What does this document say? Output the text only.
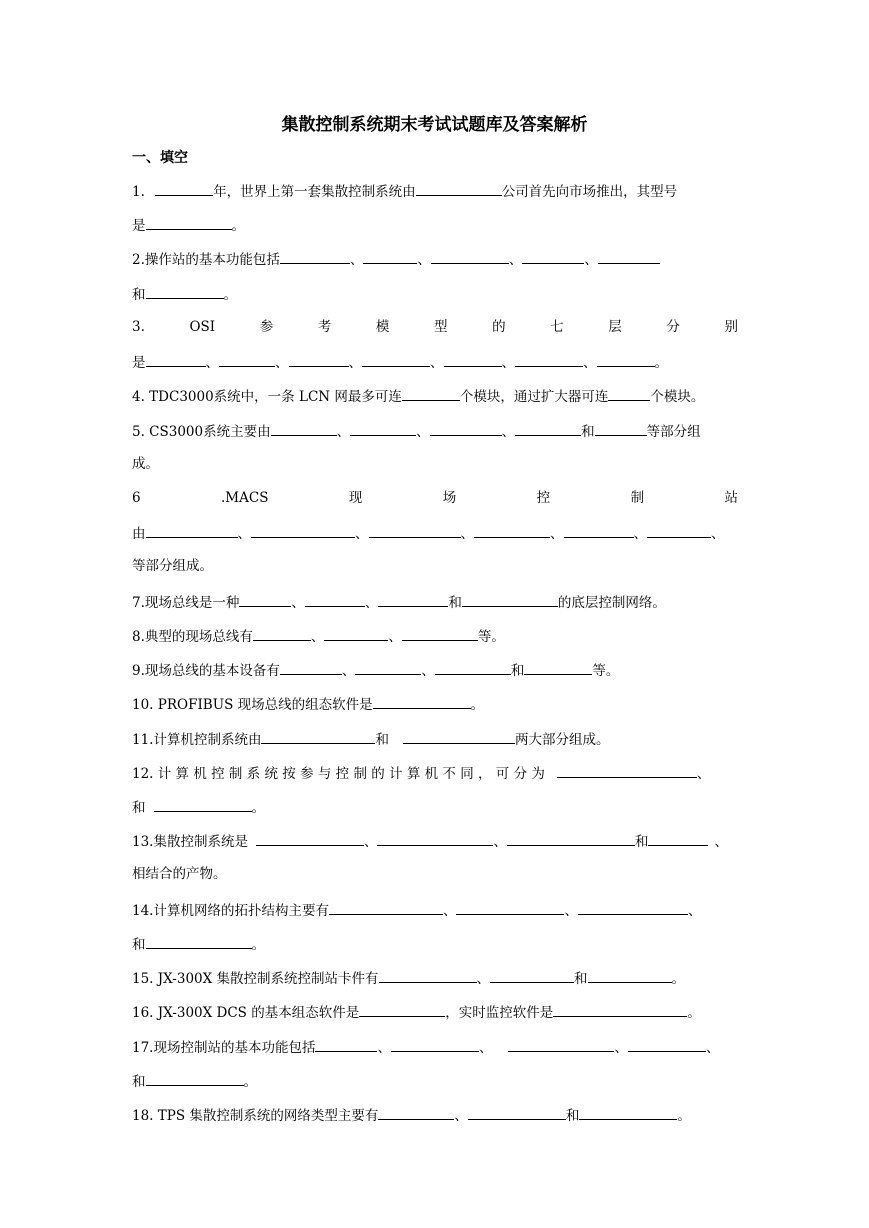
集散控制系统期末考试试题库及答案解析
一、填空
1.	年，世界上第一套集散控制系统由	公司首先向市场推出，其型号
是	。
2.操作站的基本功能包括	、	、	、	、
和	。
3.	OSI	参	考	模	型	的	七	层	分	别
是	、	、	、	、	、	、	。
4. TDC3000系统中，一条 LCN 网最多可连	个模块，通过扩大器可连	个模块。
5. CS3000系统主要由	、	、	、	和	等部分组
成。
6	.MACS	现	场	控	制	站
由	、	、	、	、	、	、
等部分组成。
7.现场总线是一种	、	、	和	的底层控制网络。
8.典型的现场总线有	、	、	等。
9.现场总线的基本设备有	、	、	和	等。
10. PROFIBUS 现场总线的组态软件是	。
11.计算机控制系统由	和	两大部分组成。
12. 计 算 机 控 制 系 统 按 参 与 控 制 的 计 算 机 不 同 ， 可 分 为	、
和	。
13.集散控制系统是	、	、	和	、
相结合的产物。
14.计算机网络的拓扑结构主要有	、	、	、
和	。
15. JX-300X 集散控制系统控制站卡件有	、	和	。
16. JX-300X DCS 的基本组态软件是	，实时监控软件是	。
17.现场控制站的基本功能包括	、	、	、	、
和	。
18. TPS 集散控制系统的网络类型主要有	、	和	。
